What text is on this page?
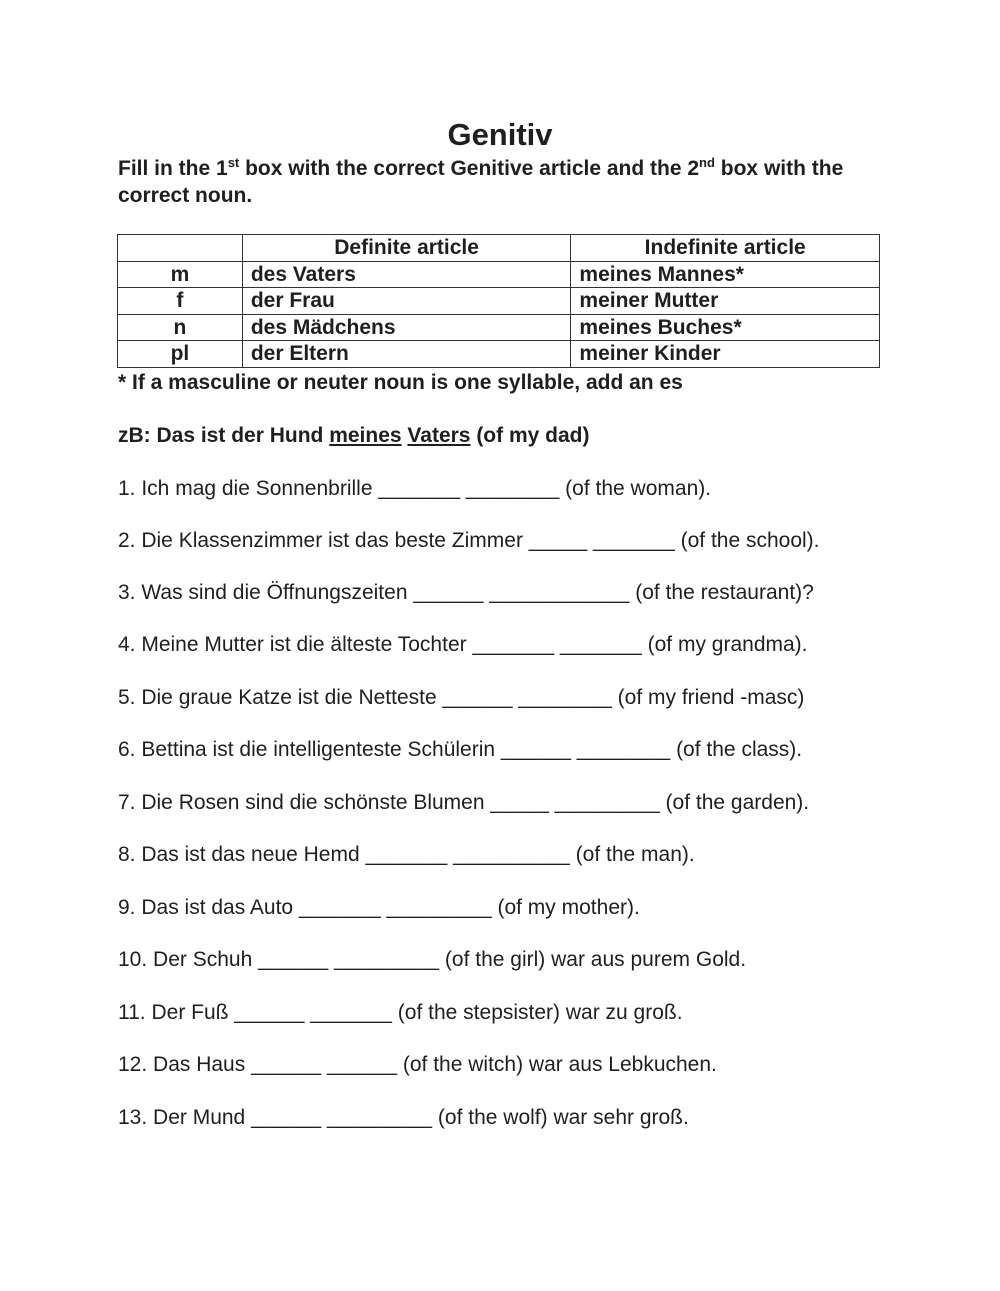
Genitiv
Fill in the 1st box with the correct Genitive article and the 2nd box with the correct noun.
	Definite article	Indefinite article
m	des Vaters	meines Mannes*
f	der Frau	meiner Mutter
n	des Mädchens	meines Buches*
pl	der Eltern	meiner Kinder
* If a masculine or neuter noun is one syllable, add an es
zB: Das ist der Hund meines Vaters (of my dad)
1. Ich mag die Sonnenbrille _______ ________ (of the woman).
2. Die Klassenzimmer ist das beste Zimmer _____ _______ (of the school).
3. Was sind die Öffnungszeiten ______ ____________ (of the restaurant)?
4. Meine Mutter ist die älteste Tochter _______ _______ (of my grandma).
5. Die graue Katze ist die Netteste ______ ________ (of my friend -masc)
6. Bettina ist die intelligenteste Schülerin ______ ________ (of the class).
7. Die Rosen sind die schönste Blumen _____ _________ (of the garden).
8. Das ist das neue Hemd _______ __________ (of the man).
9. Das ist das Auto _______ _________ (of my mother).
10. Der Schuh ______ _________ (of the girl) war aus purem Gold.
11. Der Fuß ______ _______ (of the stepsister) war zu groß.
12. Das Haus ______ ______ (of the witch) war aus Lebkuchen.
13. Der Mund ______ _________ (of the wolf) war sehr groß.
